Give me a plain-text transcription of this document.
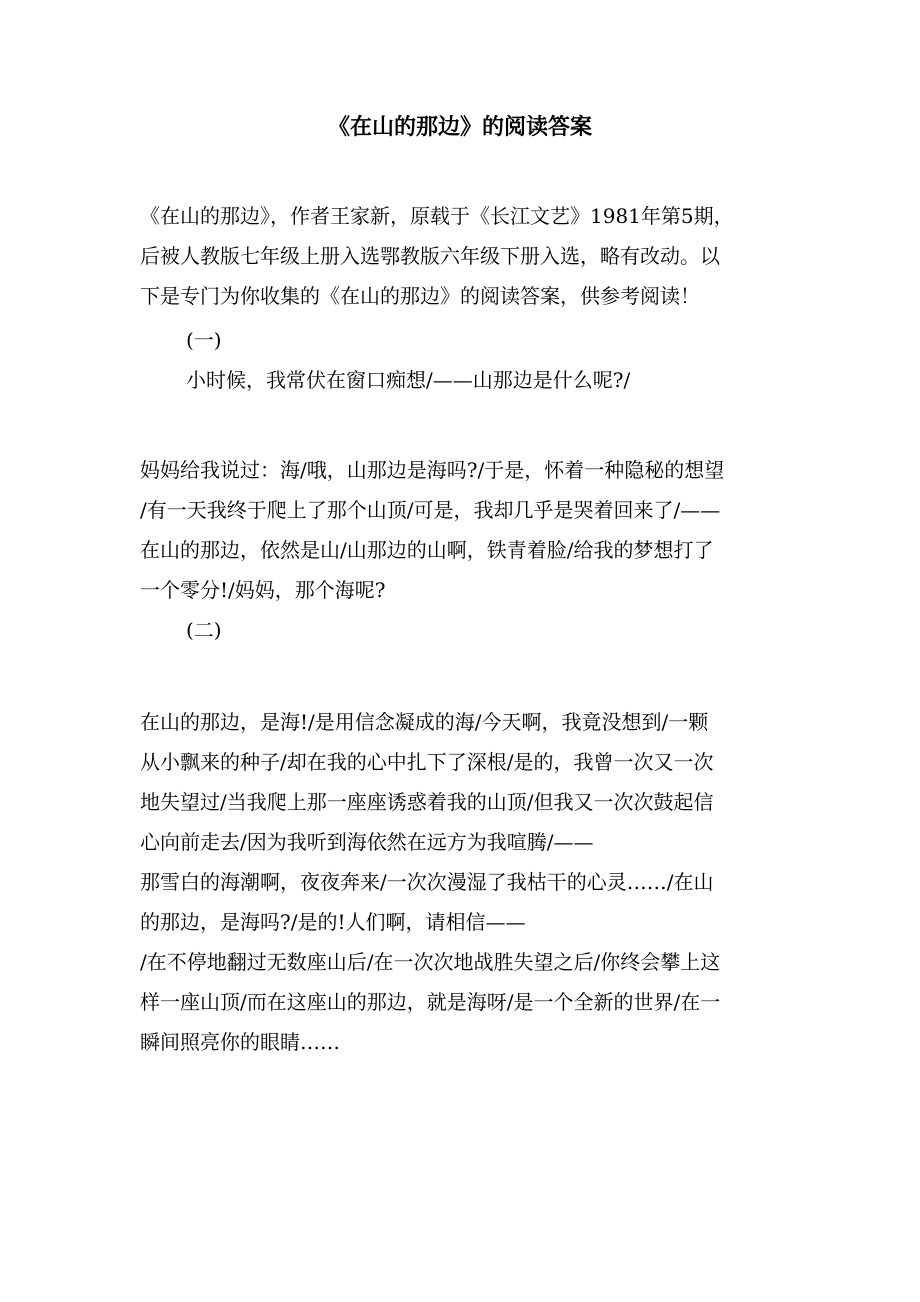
《在山的那边》的阅读答案
《在山的那边》，作者王家新，原载于《长江文艺》1981年第5期，
后被人教版七年级上册入选鄂教版六年级下册入选，略有改动。以
下是专门为你收集的《在山的那边》的阅读答案，供参考阅读！
(一)
小时候，我常伏在窗口痴想/——山那边是什么呢?/
妈妈给我说过：海/哦，山那边是海吗?/于是，怀着一种隐秘的想望
/有一天我终于爬上了那个山顶/可是，我却几乎是哭着回来了/——
在山的那边，依然是山/山那边的山啊，铁青着脸/给我的梦想打了
一个零分!/妈妈，那个海呢?
(二)
在山的那边，是海!/是用信念凝成的海/今天啊，我竟没想到/一颗
从小飘来的种子/却在我的心中扎下了深根/是的，我曾一次又一次
地失望过/当我爬上那一座座诱惑着我的山顶/但我又一次次鼓起信
心向前走去/因为我听到海依然在远方为我喧腾/——
那雪白的海潮啊，夜夜奔来/一次次漫湿了我枯干的心灵……/在山
的那边，是海吗?/是的!人们啊，请相信——
/在不停地翻过无数座山后/在一次次地战胜失望之后/你终会攀上这
样一座山顶/而在这座山的那边，就是海呀/是一个全新的世界/在一
瞬间照亮你的眼睛……
